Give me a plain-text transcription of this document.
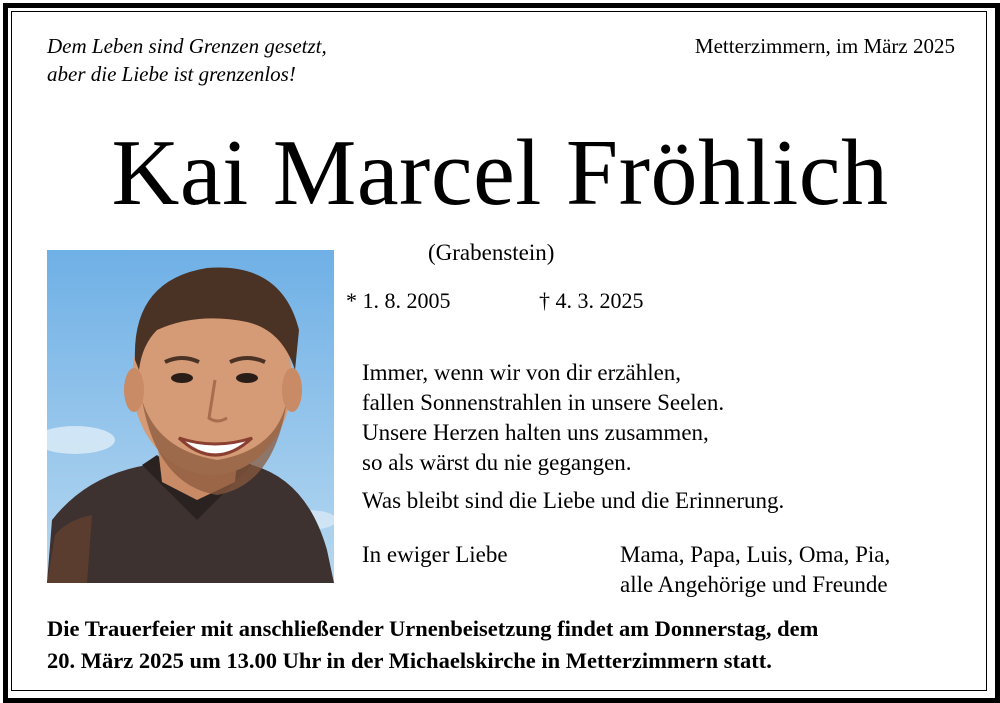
Dem Leben sind Grenzen gesetzt,
aber die Liebe ist grenzenlos!
Metterzimmern, im März 2025
Kai Marcel Fröhlich
(Grabenstein)
* 1. 8. 2005	† 4. 3. 2025
Immer, wenn wir von dir erzählen,
fallen Sonnenstrahlen in unsere Seelen.
Unsere Herzen halten uns zusammen,
so als wärst du nie gegangen.
Was bleibt sind die Liebe und die Erinnerung.
In ewiger Liebe	Mama, Papa, Luis, Oma, Pia,
alle Angehörige und Freunde
Die Trauerfeier mit anschließender Urnenbeisetzung findet am Donnerstag, dem
20. März 2025 um 13.00 Uhr in der Michaelskirche in Metterzimmern statt.
